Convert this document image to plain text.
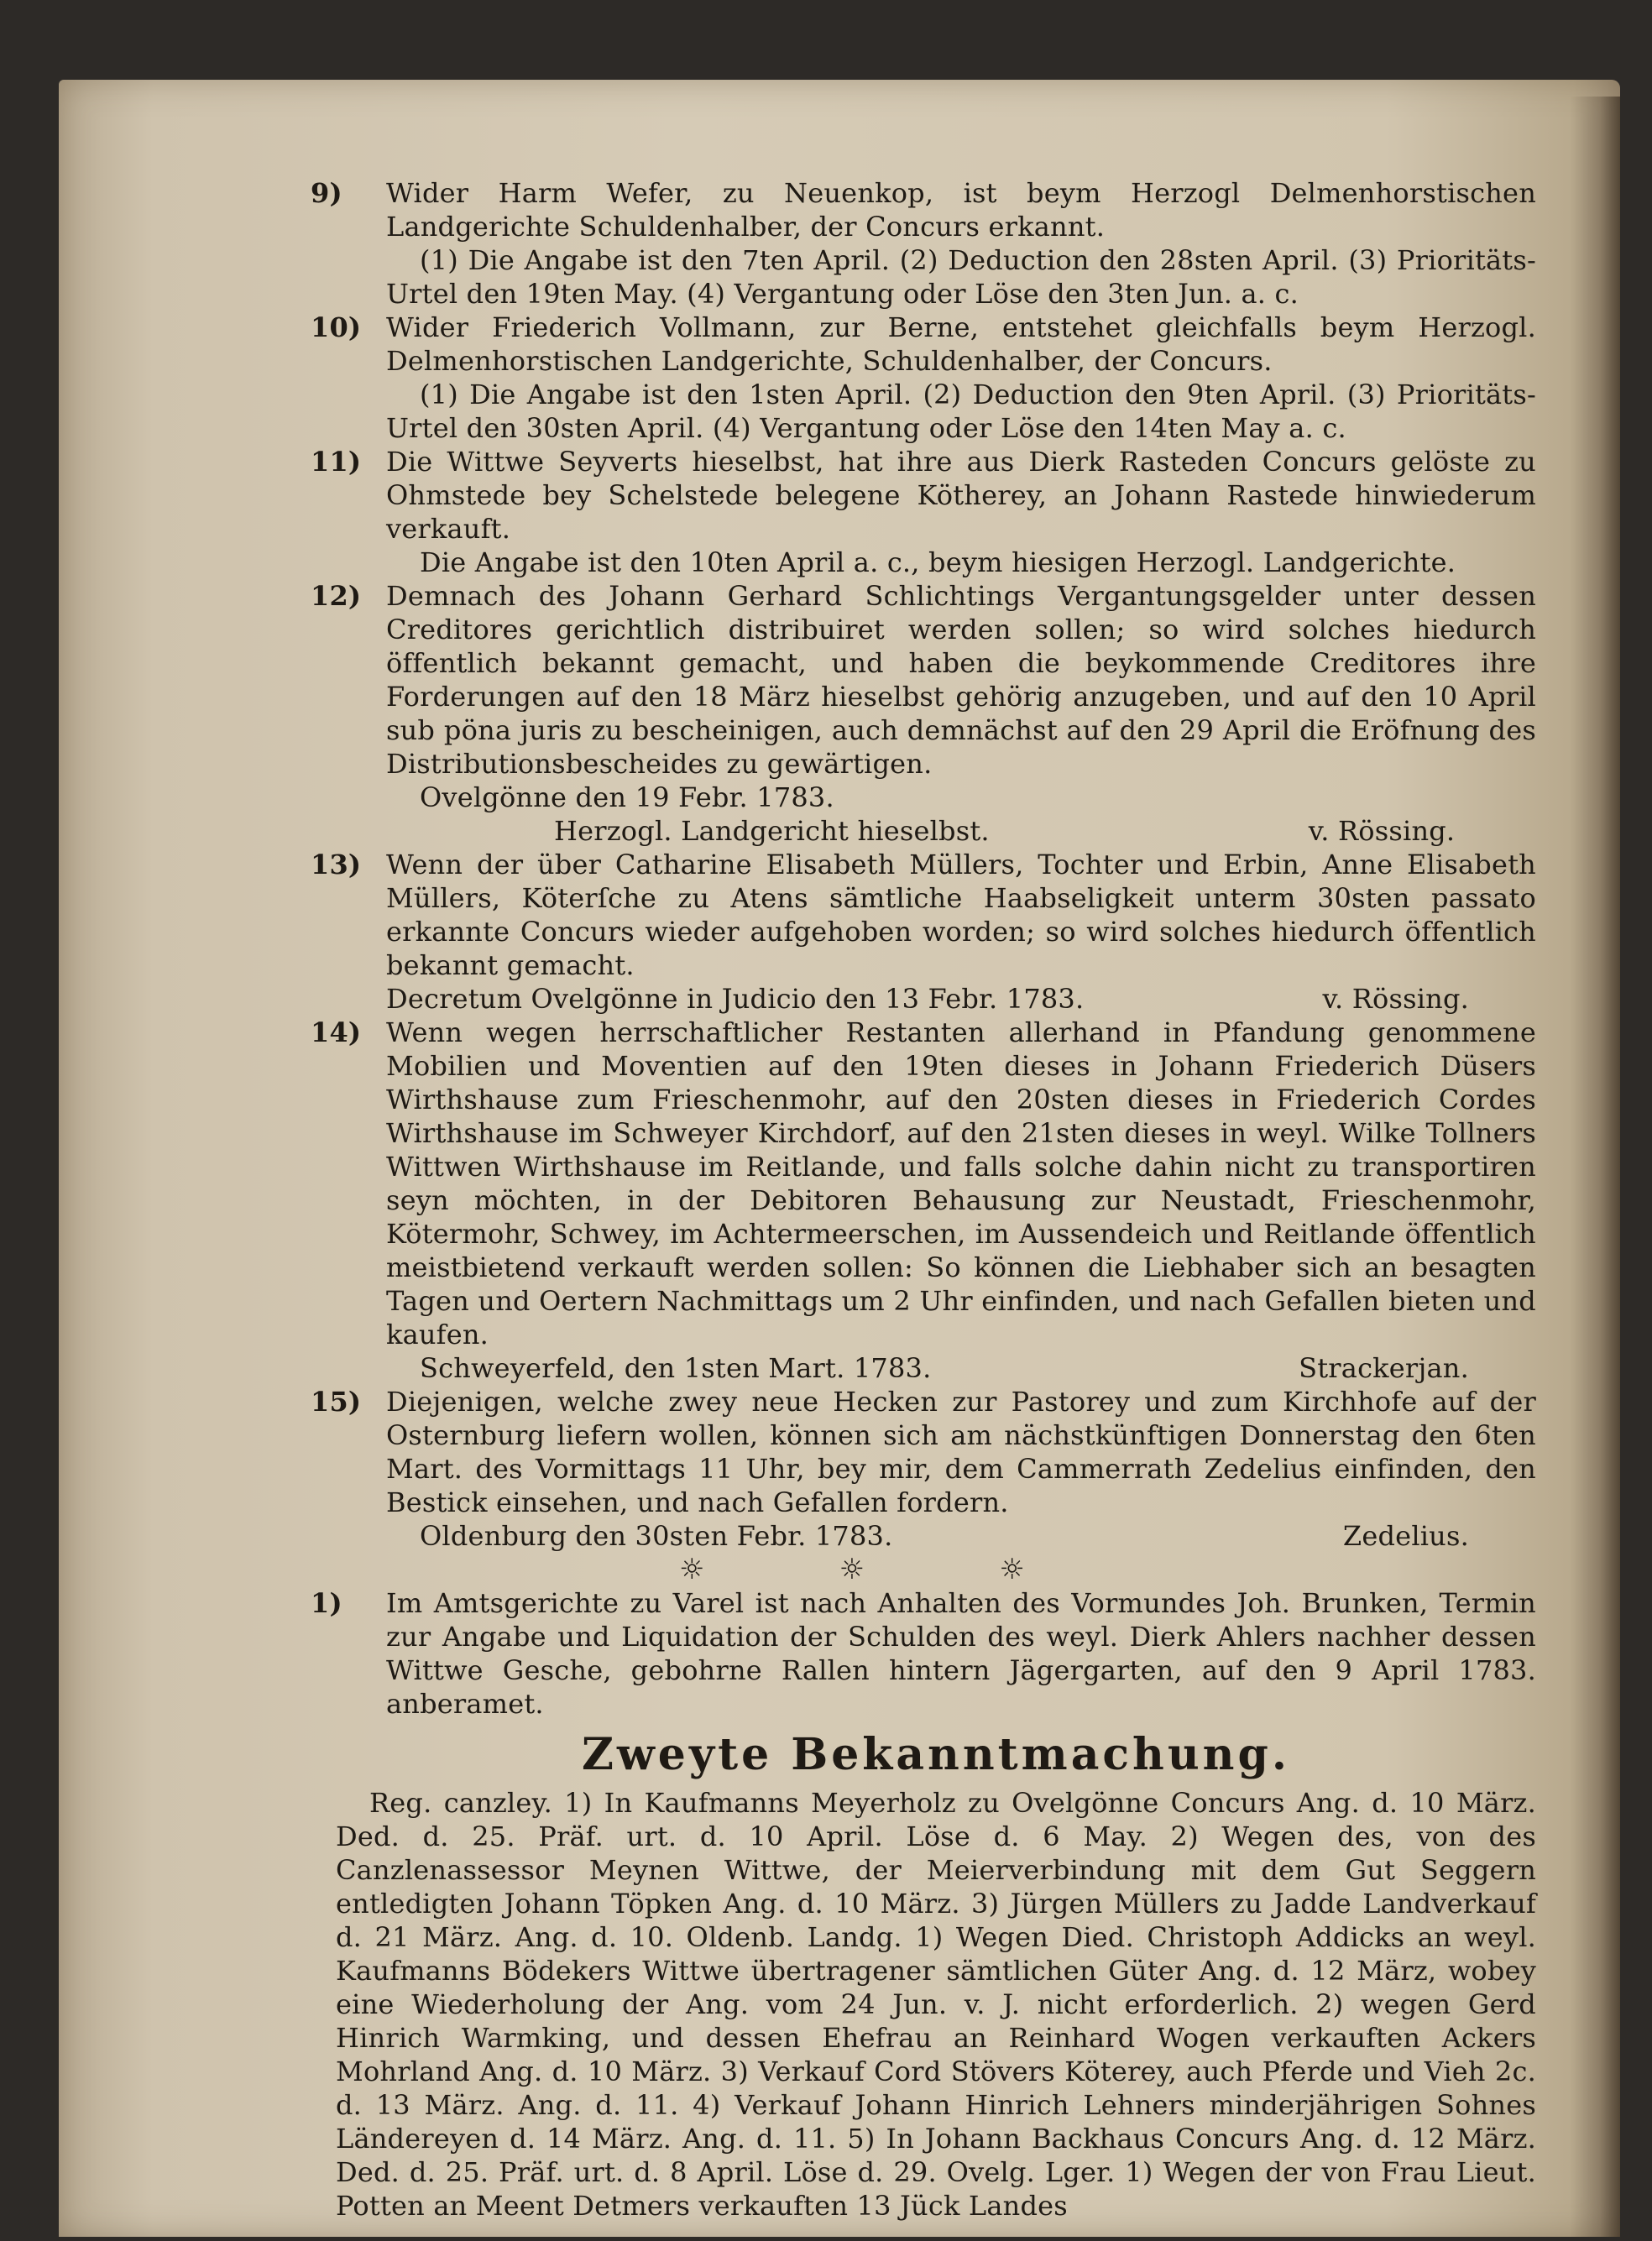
9)	Wider Harm Wefer, zu Neuenkop, ist beym Herzogl Delmenhorstischen Landgerichte Schuldenhalber, der Concurs erkannt.

(1) Die Angabe ist den 7ten April. (2) Deduction den 28sten April. (3) Prioritäts-Urtel den 19ten May. (4) Vergantung oder Löse den 3ten Jun. a. c.

10) Wider Friederich Vollmann, zur Berne, entstehet gleichfalls beym Herzogl. Delmenhorstischen Landgerichte, Schuldenhalber, der Concurs.

(1) Die Angabe ist den 1sten April. (2) Deduction den 9ten April. (3) Prioritäts-Urtel den 30sten April. (4) Vergantung oder Löse den 14ten May a. c.

11) Die Wittwe Seyverts hieselbst, hat ihre aus Dierk Rasteden Concurs gelöste zu Ohmstede bey Schelstede belegene Kötherey, an Johann Rastede hinwiederum verkauft.

Die Angabe ist den 10ten April a. c., beym hiesigen Herzogl. Landgerichte.

12) Demnach des Johann Gerhard Schlichtings Vergantungsgelder unter dessen Creditores gerichtlich distribuiret werden sollen; so wird solches hiedurch öffentlich bekannt gemacht, und haben die beykommende Creditores ihre Forderungen auf den 18 März hieselbst gehörig anzugeben, und auf den 10 April sub pöna juris zu bescheinigen, auch demnächst auf den 29 April die Eröfnung des Distributionsbescheides zu gewärtigen.

Ovelgönne den 19 Febr. 1783.

Herzogl. Landgericht hieselbst.	v. Rössing.
13) Wenn der über Catharine Elisabeth Müllers, Tochter und Erbin, Anne Elisabeth Müllers, Köterſche zu Atens sämtliche Haabseligkeit unterm 30sten passato erkannte Concurs wieder aufgehoben worden; so wird solches hiedurch öffentlich bekannt gemacht.

Decretum Ovelgönne in Judicio den 13 Febr. 1783.	v. Rössing.
14) Wenn wegen herrschaftlicher Restanten allerhand in Pfandung genommene Mobilien und Moventien auf den 19ten dieses in Johann Friederich Düsers Wirthshause zum Frieschenmohr, auf den 20sten dieses in Friederich Cordes Wirthshause im Schweyer Kirchdorf, auf den 21sten dieses in weyl. Wilke Tollners Wittwen Wirthshause im Reitlande, und falls solche dahin nicht zu transportiren seyn möchten, in der Debitoren Behausung zur Neustadt, Frieschenmohr, Kötermohr, Schwey, im Achtermeerschen, im Aussendeich und Reitlande öffentlich meistbietend verkauft werden sollen: So können die Liebhaber sich an besagten Tagen und Oertern Nachmittags um 2 Uhr einfinden, und nach Gefallen bieten und kaufen.

Schweyerfeld, den 1sten Mart. 1783.	Strackerjan.
15) Diejenigen, welche zwey neue Hecken zur Pastorey und zum Kirchhofe auf der Osternburg liefern wollen, können sich am nächstkünftigen Donnerstag den 6ten Mart. des Vormittags 11 Uhr, bey mir, dem Cammerrath Zedelius einfinden, den Bestick einsehen, und nach Gefallen fordern.

Oldenburg den 30sten Febr. 1783.	Zedelius.
☼	☼	☼
1)	Im Amtsgerichte zu Varel ist nach Anhalten des Vormundes Joh. Brunken, Termin zur Angabe und Liquidation der Schulden des weyl. Dierk Ahlers nachher dessen Wittwe Gesche, gebohrne Rallen hintern Jägergarten, auf den 9 April 1783. anberamet.

Zweyte Bekanntmachung.

Reg. canzley. 1) In Kaufmanns Meyerholz zu Ovelgönne Concurs Ang. d. 10 März. Ded. d. 25. Präf. urt. d. 10 April. Löse d. 6 May. 2) Wegen des, von des Canzlenassessor Meynen Wittwe, der Meierverbindung mit dem Gut Seggern entledigten Johann Töpken Ang. d. 10 März. 3) Jürgen Müllers zu Jadde Landverkauf d. 21 März. Ang. d. 10. Oldenb. Landg. 1) Wegen Died. Christoph Addicks an weyl. Kaufmanns Bödekers Wittwe übertragener sämtlichen Güter Ang. d. 12 März, wobey eine Wiederholung der Ang. vom 24 Jun. v. J. nicht erforderlich. 2) wegen Gerd Hinrich Warmking, und dessen Ehefrau an Reinhard Wogen verkauften Ackers Mohrland Ang. d. 10 März. 3) Verkauf Cord Stövers Köterey, auch Pferde und Vieh 2c. d. 13 März. Ang. d. 11. 4) Verkauf Johann Hinrich Lehners minderjährigen Sohnes Ländereyen d. 14 März. Ang. d. 11. 5) In Johann Backhaus Concurs Ang. d. 12 März. Ded. d. 25. Präf. urt. d. 8 April. Löse d. 29. Ovelg. Lger. 1) Wegen der von Frau Lieut. Potten an Meent Detmers verkauften 13 Jück Landes
